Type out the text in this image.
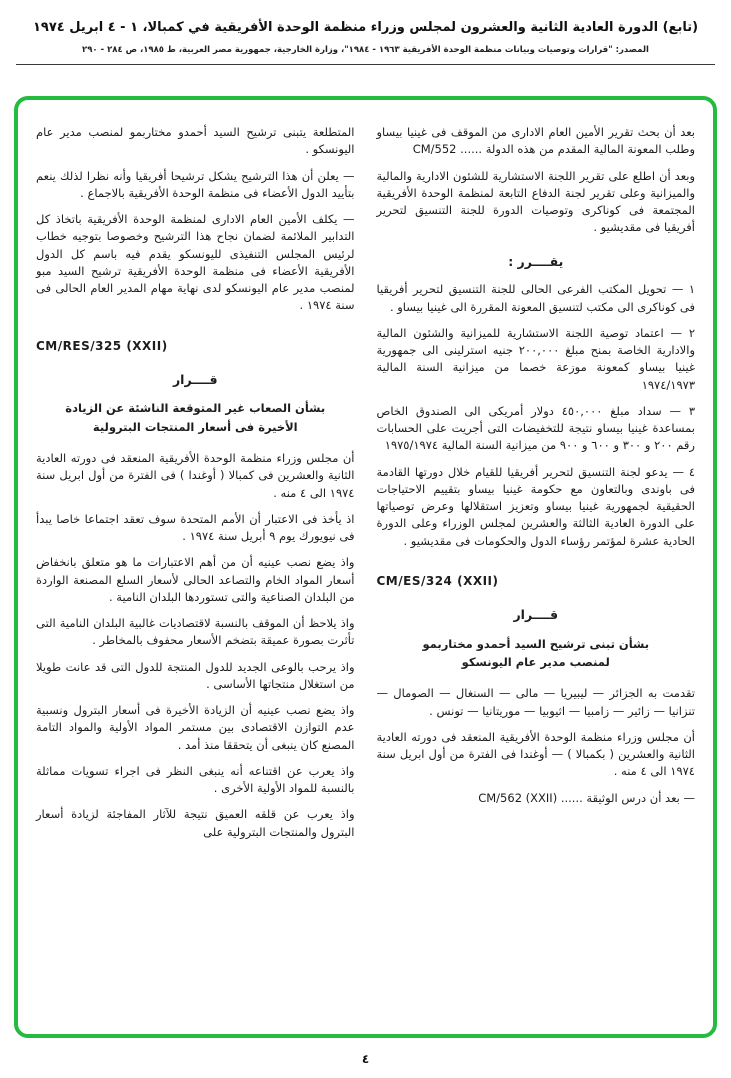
(تابع) الدورة العادية الثانية والعشرون لمجلس وزراء منظمة الوحدة الأفريقية في كمبالا، ١ - ٤ ابريل ١٩٧٤
المصدر: "قرارات وتوصيات وبيانات منظمة الوحدة الأفريقية ١٩٦٣ - ١٩٨٤"، وزارة الخارجية، جمهورية مصر العربية، ط ١٩٨٥، ص ٢٨٤ - ٢٩٠
بعد أن بحث تقرير الأمين العام الادارى من الموقف فى غينيا بيساو وطلب المعونة المالية المقدم من هذه الدولة ...... CM/552
وبعد أن اطلع على تقرير اللجنة الاستشارية للشئون الادارية والمالية والميزانية وعلى تقرير لجنة الدفاع التابعة لمنظمة الوحدة الأفريقية المجتمعة فى كوناكرى وتوصيات الدورة للجنة التنسيق لتحرير أفريقيا فى مقديشيو .
يقــــرر :
١ — تحويل المكتب الفرعى الحالى للجنة التنسيق لتحرير أفريقيا فى كوناكرى الى مكتب لتنسيق المعونة المقررة الى غينيا بيساو .
٢ — اعتماد توصية اللجنة الاستشارية للميزانية والشئون المالية والادارية الخاصة بمنح مبلغ ٢٠٠,٠٠٠ جنيه استرلينى الى جمهورية غينيا بيساو كمعونة موزعة خصما من ميزانية السنة المالية ١٩٧٤/١٩٧٣
٣ — سداد مبلغ ٤٥٠,٠٠٠ دولار أمريكى الى الصندوق الخاص بمساعدة غينيا بيساو نتيجة للتخفيضات التى أجريت على الحسابات رقم ٢٠٠ و ٣٠٠ و ٦٠٠ و ٩٠٠ من ميزانية السنة المالية ١٩٧٥/١٩٧٤
٤ — يدعو لجنة التنسيق لتحرير أفريقيا للقيام خلال دورتها القادمة فى باوندى وبالتعاون مع حكومة غينيا بيساو بتقييم الاحتياجات الحقيقية لجمهورية غينيا بيساو وتعزيز استقلالها وعرض توصياتها على الدورة العادية الثالثة والعشرين لمجلس الوزراء وعلى الدورة الحادية عشرة لمؤتمر رؤساء الدول والحكومات فى مقديشيو .
CM/ES/324 (XXII)
قــــرار
بشأن تبنى ترشيح السيد أحمدو مختاربمو
لمنصب مدير عام اليونسكو
تقدمت به الجزائر — ليبيريا — مالى — السنغال — الصومال — تنزانيا — زائير — زامبيا — اثيوبيا — موريتانيا — تونس .
أن مجلس وزراء منظمة الوحدة الأفريقية المنعقد فى دورته العادية الثانية والعشرين ( بكمبالا ) — أوغندا فى الفترة من أول ابريل سنة ١٩٧٤ الى ٤ منه .
— بعد أن درس الوثيقة ...... CM/562 (XXII)
المتطلعة يتبنى ترشيح السيد أحمدو مختاربمو لمنصب مدير عام اليونسكو .
— يعلن أن هذا الترشيح يشكل ترشيحا أفريقيا وأنه نظرا لذلك ينعم بتأييد الدول الأعضاء فى منظمة الوحدة الأفريقية بالاجماع .
— يكلف الأمين العام الادارى لمنظمة الوحدة الأفريقية باتخاذ كل التدابير الملائمة لضمان نجاح هذا الترشيح وخصوصا بتوجيه خطاب لرئيس المجلس التنفيذى لليونسكو يقدم فيه باسم كل الدول الأفريقية الأعضاء فى منظمة الوحدة الأفريقية ترشيح السيد مبو لمنصب مدير عام اليونسكو لدى نهاية مهام المدير العام الحالى فى سنة ١٩٧٤ .
CM/RES/325 (XXII)
قــــرار
بشأن الصعاب غير المتوقعة الناشئة عن الزيادة
الأخيرة فى أسعار المنتجات البترولية
أن مجلس وزراء منظمة الوحدة الأفريقية المنعقد فى دورته العادية الثانية والعشرين فى كمبالا ( أوغندا ) فى الفترة من أول ابريل سنة ١٩٧٤ الى ٤ منه .
اذ يأخذ فى الاعتبار أن الأمم المتحدة سوف تعقد اجتماعا خاصا يبدأ فى نيويورك يوم ٩ أبريل سنة ١٩٧٤ .
واذ يضع نصب عينيه أن من أهم الاعتبارات ما هو متعلق بانخفاض أسعار المواد الخام والتصاعد الحالى لأسعار السلع المصنعة الواردة من البلدان الصناعية والتى تستوردها البلدان النامية .
واذ يلاحظ أن الموقف بالنسبة لاقتصاديات غالبية البلدان النامية التى تأثرت بصورة عميقة بتضخم الأسعار محفوف بالمخاطر .
واذ يرحب بالوعى الجديد للدول المنتجة للدول التى قد عانت طويلا من استغلال منتجاتها الأساسى .
واذ يضع نصب عينيه أن الزيادة الأخيرة فى أسعار البترول ونسبية عدم التوازن الاقتصادى بين مستمر المواد الأولية والمواد التامة المصنع كان ينبغى أن يتحققا منذ أمد .
واذ يعرب عن اقتناعه أنه ينبغى النظر فى اجراء تسويات مماثلة بالنسبة للمواد الأولية الأخرى .
واذ يعرب عن قلقه العميق نتيجة للآثار المفاجئة لزيادة أسعار البترول والمنتجات البترولية على
٤
